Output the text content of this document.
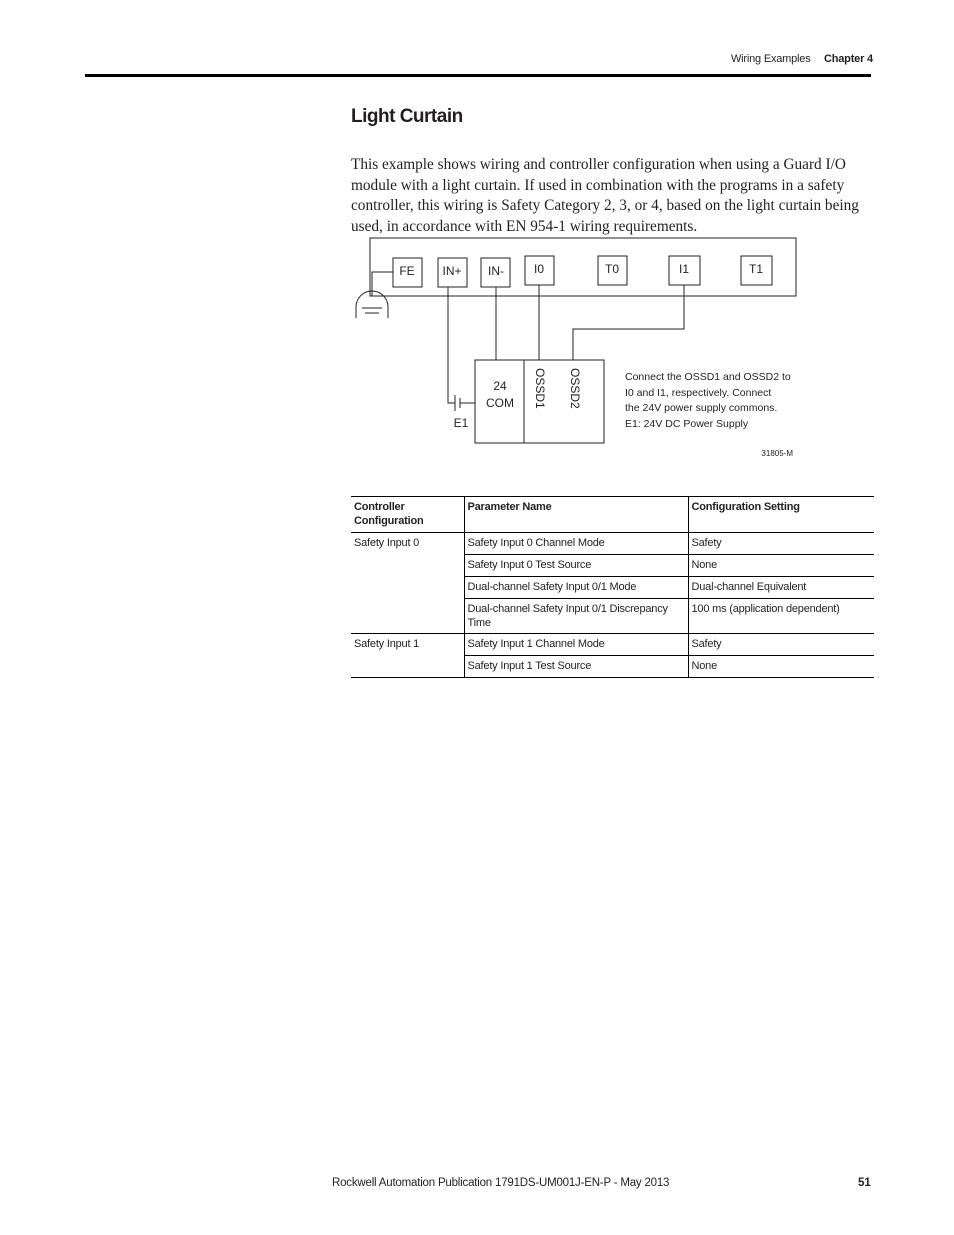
Wiring Examples Chapter 4
Light Curtain

This example shows wiring and controller configuration when using a Guard I/O module with a light curtain. If used in combination with the programs in a safety controller, this wiring is Safety Category 2, 3, or 4, based on the light curtain being used, in accordance with EN 954-1 wiring requirements.

FE IN+ IN- I0	T0	I1	T1
24
COM OSSD1 OSSD2
E1
Connect the OSSD1 and OSSD2 to
I0 and I1, respectively. Connect
the 24V power supply commons.
E1: 24V DC Power Supply
31805-M
Controller Configuration	Parameter Name	Configuration Setting
Safety Input 0	Safety Input 0 Channel Mode	Safety
	Safety Input 0 Test Source	None
	Dual-channel Safety Input 0/1 Mode	Dual-channel Equivalent
	Dual-channel Safety Input 0/1 Discrepancy Time	100 ms (application dependent)
Safety Input 1	Safety Input 1 Channel Mode	Safety
	Safety Input 1 Test Source	None
Rockwell Automation Publication 1791DS-UM001J-EN-P - May 2013	51
